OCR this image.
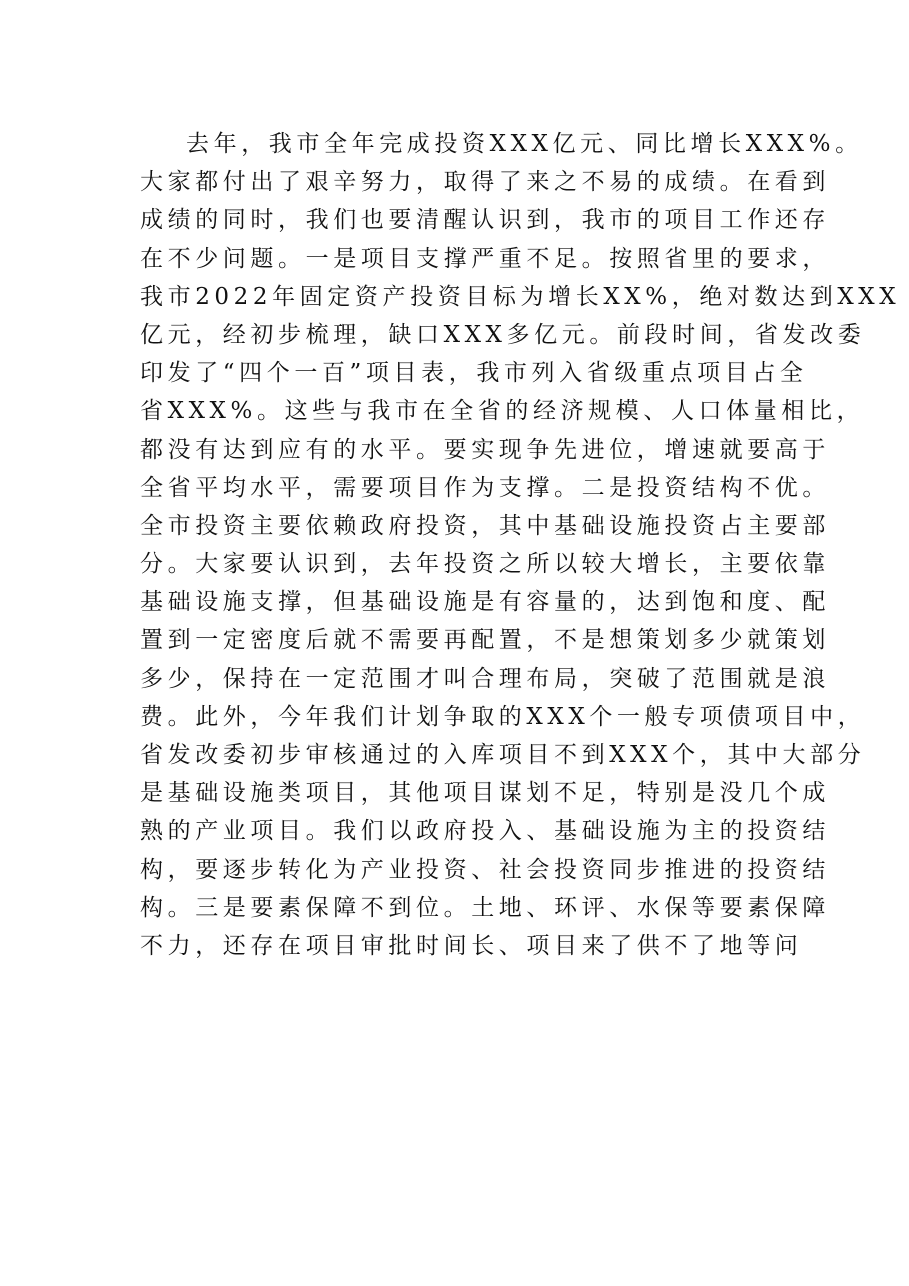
去年，我市全年完成投资XXX亿元、同比增长XXX%。
大家都付出了艰辛努力，取得了来之不易的成绩。在看到
成绩的同时，我们也要清醒认识到，我市的项目工作还存
在不少问题。一是项目支撑严重不足。按照省里的要求，
我市2022年固定资产投资目标为增长XX%，绝对数达到XXX
亿元，经初步梳理，缺口XXX多亿元。前段时间，省发改委
印发了“四个一百”项目表，我市列入省级重点项目占全
省XXX%。这些与我市在全省的经济规模、人口体量相比，
都没有达到应有的水平。要实现争先进位，增速就要高于
全省平均水平，需要项目作为支撑。二是投资结构不优。
全市投资主要依赖政府投资，其中基础设施投资占主要部
分。大家要认识到，去年投资之所以较大增长，主要依靠
基础设施支撑，但基础设施是有容量的，达到饱和度、配
置到一定密度后就不需要再配置，不是想策划多少就策划
多少，保持在一定范围才叫合理布局，突破了范围就是浪
费。此外，今年我们计划争取的XXX个一般专项债项目中，
省发改委初步审核通过的入库项目不到XXX个，其中大部分
是基础设施类项目，其他项目谋划不足，特别是没几个成
熟的产业项目。我们以政府投入、基础设施为主的投资结
构，要逐步转化为产业投资、社会投资同步推进的投资结
构。三是要素保障不到位。土地、环评、水保等要素保障
不力，还存在项目审批时间长、项目来了供不了地等问
